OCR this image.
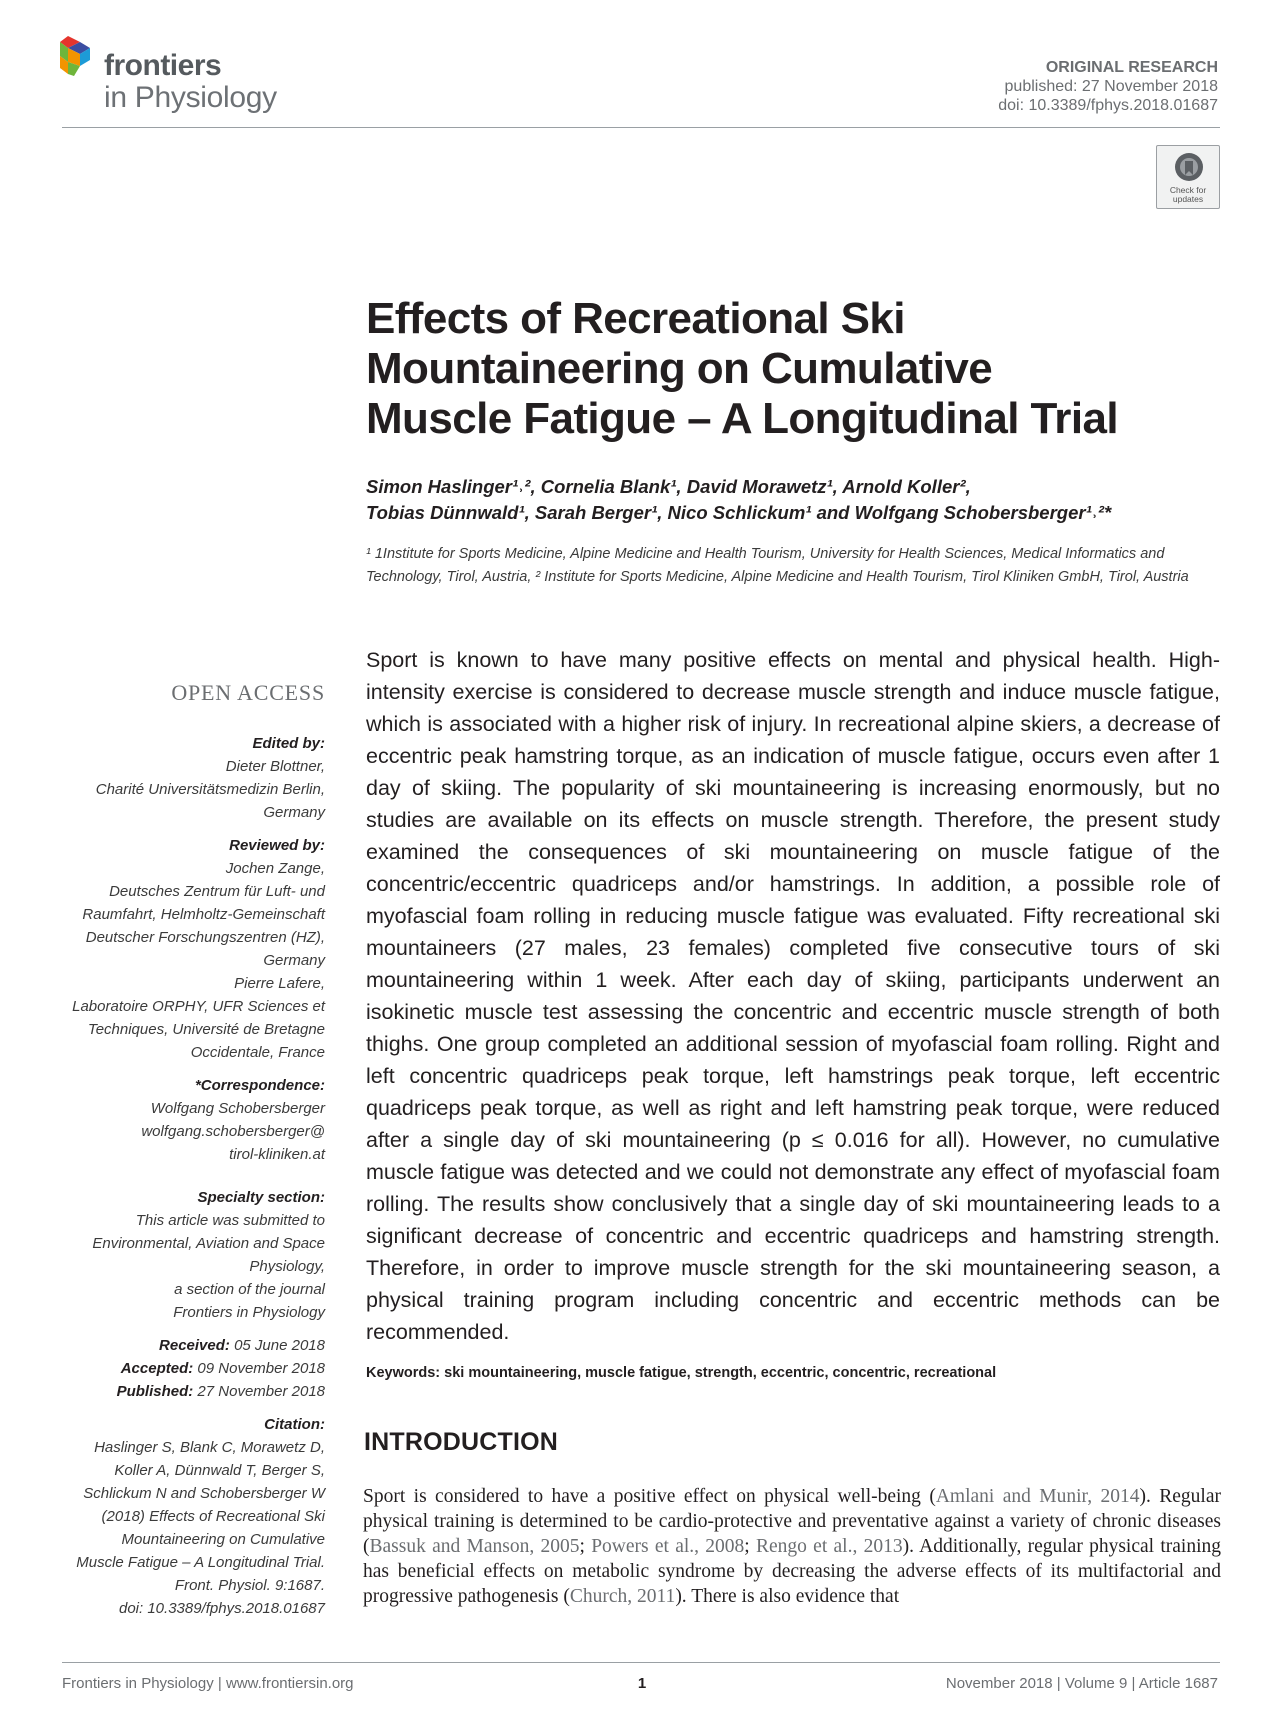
frontiers
in Physiology
ORIGINAL RESEARCH
published: 27 November 2018
doi: 10.3389/fphys.2018.01687
Check for
updates
Effects of Recreational Ski
Mountaineering on Cumulative
Muscle Fatigue – A Longitudinal Trial
Simon Haslinger¹˒², Cornelia Blank¹, David Morawetz¹, Arnold Koller²,
Tobias Dünnwald¹, Sarah Berger¹, Nico Schlickum¹ and Wolfgang Schobersberger¹˒²*
¹ 1Institute for Sports Medicine, Alpine Medicine and Health Tourism, University for Health Sciences, Medical Informatics and Technology, Tirol, Austria, ² Institute for Sports Medicine, Alpine Medicine and Health Tourism, Tirol Kliniken GmbH, Tirol, Austria
OPEN ACCESS
Edited by:
Dieter Blottner,
Charité Universitätsmedizin Berlin,
Germany
Reviewed by:
Jochen Zange,
Deutsches Zentrum für Luft- und
Raumfahrt, Helmholtz-Gemeinschaft
Deutscher Forschungszentren (HZ),
Germany
Pierre Lafere,
Laboratoire ORPHY, UFR Sciences et
Techniques, Université de Bretagne
Occidentale, France
*Correspondence:
Wolfgang Schobersberger
wolfgang.schobersberger@
tirol-kliniken.at
Specialty section:
This article was submitted to
Environmental, Aviation and Space
Physiology,
a section of the journal
Frontiers in Physiology
Received: 05 June 2018
Accepted: 09 November 2018
Published: 27 November 2018
Citation:
Haslinger S, Blank C, Morawetz D,
Koller A, Dünnwald T, Berger S,
Schlickum N and Schobersberger W
(2018) Effects of Recreational Ski
Mountaineering on Cumulative
Muscle Fatigue – A Longitudinal Trial.
Front. Physiol. 9:1687.
doi: 10.3389/fphys.2018.01687
Sport is known to have many positive effects on mental and physical health. High-intensity exercise is considered to decrease muscle strength and induce muscle fatigue, which is associated with a higher risk of injury. In recreational alpine skiers, a decrease of eccentric peak hamstring torque, as an indication of muscle fatigue, occurs even after 1 day of skiing. The popularity of ski mountaineering is increasing enormously, but no studies are available on its effects on muscle strength. Therefore, the present study examined the consequences of ski mountaineering on muscle fatigue of the concentric/eccentric quadriceps and/or hamstrings. In addition, a possible role of myofascial foam rolling in reducing muscle fatigue was evaluated. Fifty recreational ski mountaineers (27 males, 23 females) completed five consecutive tours of ski mountaineering within 1 week. After each day of skiing, participants underwent an isokinetic muscle test assessing the concentric and eccentric muscle strength of both thighs. One group completed an additional session of myofascial foam rolling. Right and left concentric quadriceps peak torque, left hamstrings peak torque, left eccentric quadriceps peak torque, as well as right and left hamstring peak torque, were reduced after a single day of ski mountaineering (p ≤ 0.016 for all). However, no cumulative muscle fatigue was detected and we could not demonstrate any effect of myofascial foam rolling. The results show conclusively that a single day of ski mountaineering leads to a significant decrease of concentric and eccentric quadriceps and hamstring strength. Therefore, in order to improve muscle strength for the ski mountaineering season, a physical training program including concentric and eccentric methods can be recommended.
Keywords: ski mountaineering, muscle fatigue, strength, eccentric, concentric, recreational
INTRODUCTION
Sport is considered to have a positive effect on physical well-being (Amlani and Munir, 2014). Regular physical training is determined to be cardio-protective and preventative against a variety of chronic diseases (Bassuk and Manson, 2005; Powers et al., 2008; Rengo et al., 2013). Additionally, regular physical training has beneficial effects on metabolic syndrome by decreasing the adverse effects of its multifactorial and progressive pathogenesis (Church, 2011). There is also evidence that
Frontiers in Physiology | www.frontiersin.org	1	November 2018 | Volume 9 | Article 1687
